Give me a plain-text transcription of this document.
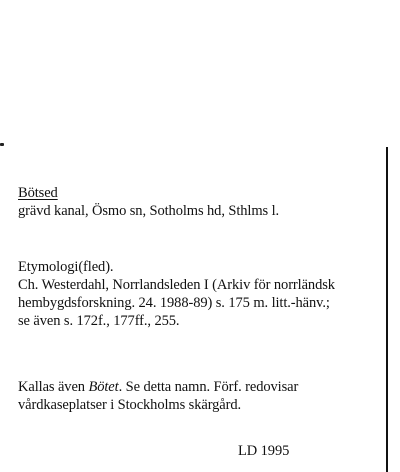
Bötsed
grävd kanal, Ösmo sn, Sotholms hd, Sthlms l.
Etymologi(fled).
Ch. Westerdahl, Norrlandsleden I (Arkiv för norrländsk
hembygdsforskning. 24. 1988-89) s. 175 m. litt.-hänv.;
se även s. 172f., 177ff., 255.
Kallas även Bötet. Se detta namn. Förf. redovisar
vårdkaseplatser i Stockholms skärgård.
LD 1995
